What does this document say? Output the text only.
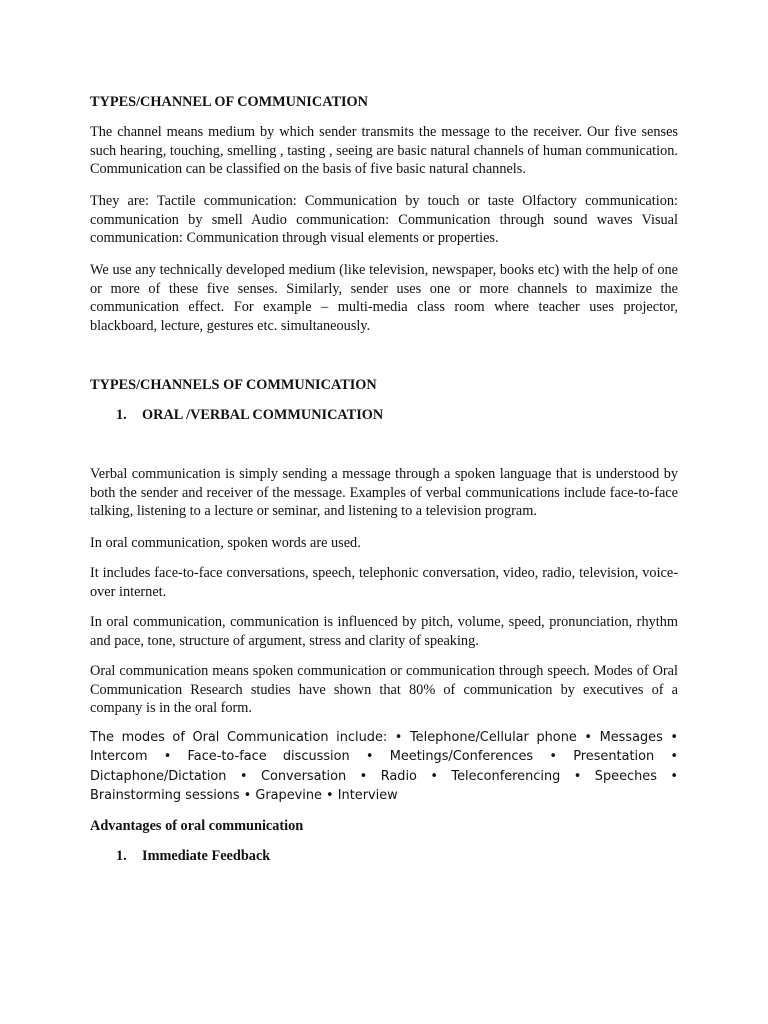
TYPES/CHANNEL OF COMMUNICATION

The channel means medium by which sender transmits the message to the receiver. Our five senses such hearing, touching, smelling , tasting , seeing are basic natural channels of human communication. Communication can be classified on the basis of five basic natural channels.

They are: Tactile communication: Communication by touch or taste Olfactory communication: communication by smell Audio communication: Communication through sound waves Visual communication: Communication through visual elements or properties.

We use any technically developed medium (like television, newspaper, books etc) with the help of one or more of these five senses. Similarly, sender uses one or more channels to maximize the communication effect. For example – multi-media class room where teacher uses projector, blackboard, lecture, gestures etc. simultaneously.

TYPES/CHANNELS OF COMMUNICATION

1. ORAL /VERBAL COMMUNICATION

Verbal communication is simply sending a message through a spoken language that is understood by both the sender and receiver of the message. Examples of verbal communications include face-to-face talking, listening to a lecture or seminar, and listening to a television program.

In oral communication, spoken words are used.

It includes face-to-face conversations, speech, telephonic conversation, video, radio, television, voice-over internet.

In oral communication, communication is influenced by pitch, volume, speed, pronunciation, rhythm and pace, tone, structure of argument, stress and clarity of speaking.

Oral communication means spoken communication or communication through speech. Modes of Oral Communication Research studies have shown that 80% of communication by executives of a company is in the oral form.

The modes of Oral Communication include: • Telephone/Cellular phone • Messages • Intercom • Face-to-face discussion • Meetings/Conferences • Presentation • Dictaphone/Dictation • Conversation • Radio • Teleconferencing • Speeches • Brainstorming sessions • Grapevine • Interview

Advantages of oral communication

1. Immediate Feedback
